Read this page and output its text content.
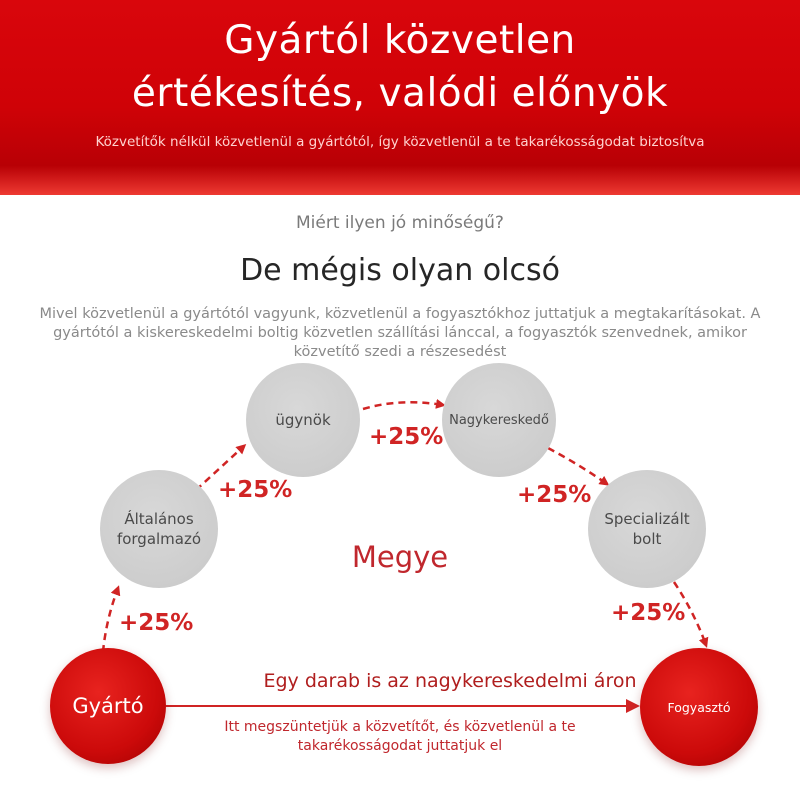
Gyártól közvetlen
értékesítés, valódi előnyök
Közvetítők nélkül közvetlenül a gyártótól, így közvetlenül a te takarékosságodat biztosítva
Miért ilyen jó minőségű?
De mégis olyan olcsó
Mivel közvetlenül a gyártótól vagyunk, közvetlenül a fogyasztókhoz juttatjuk a megtakarításokat. A gyártótól a kiskereskedelmi boltig közvetlen szállítási lánccal, a fogyasztók szenvednek, amikor közvetítő szedi a részesedést
Gyártó
Általános forgalmazó
ügynök	Nagykereskedő
Specializált bolt
Fogyasztó
+25%
+25%
+25%
+25%
+25%
Megye
Egy darab is az nagykereskedelmi áron
Itt megszüntetjük a közvetítőt, és közvetlenül a te takarékosságodat juttatjuk el
